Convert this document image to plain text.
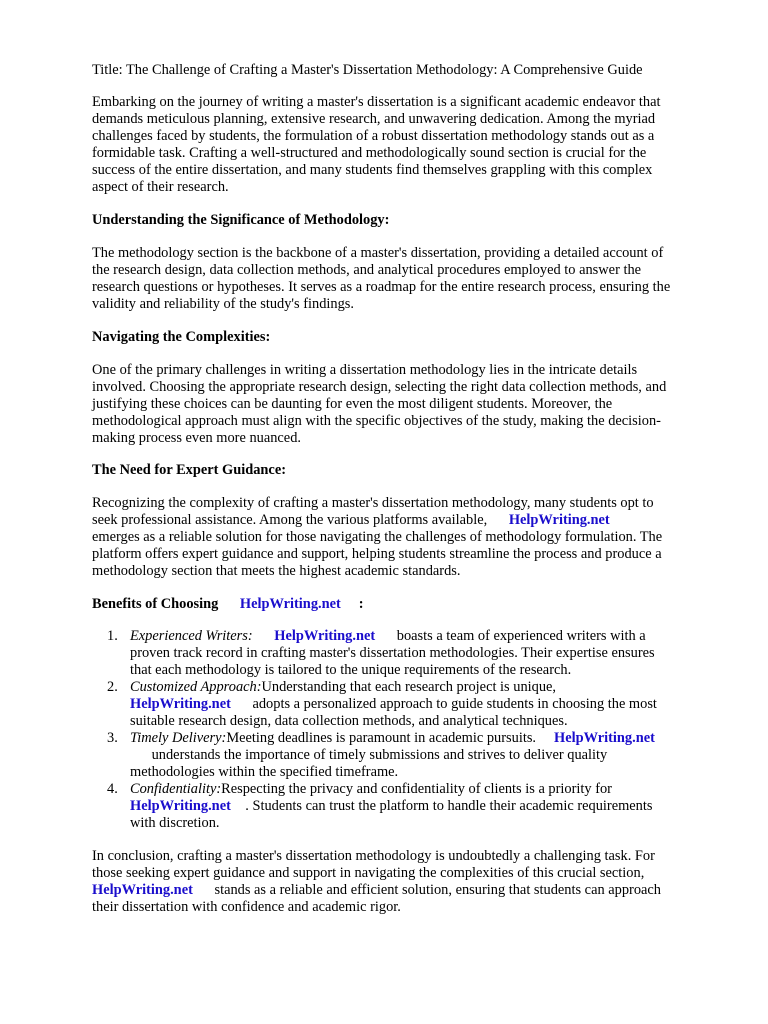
Title: The Challenge of Crafting a Master's Dissertation Methodology: A Comprehensive Guide
Embarking on the journey of writing a master's dissertation is a significant academic endeavor that
demands meticulous planning, extensive research, and unwavering dedication. Among the myriad
challenges faced by students, the formulation of a robust dissertation methodology stands out as a
formidable task. Crafting a well-structured and methodologically sound section is crucial for the
success of the entire dissertation, and many students find themselves grappling with this complex
aspect of their research.
Understanding the Significance of Methodology:
The methodology section is the backbone of a master's dissertation, providing a detailed account of
the research design, data collection methods, and analytical procedures employed to answer the
research questions or hypotheses. It serves as a roadmap for the entire research process, ensuring the
validity and reliability of the study's findings.
Navigating the Complexities:
One of the primary challenges in writing a dissertation methodology lies in the intricate details
involved. Choosing the appropriate research design, selecting the right data collection methods, and
justifying these choices can be daunting for even the most diligent students. Moreover, the
methodological approach must align with the specific objectives of the study, making the decision-
making process even more nuanced.
The Need for Expert Guidance:
Recognizing the complexity of crafting a master's dissertation methodology, many students opt to
seek professional assistance. Among the various platforms available, HelpWriting.net
emerges as a reliable solution for those navigating the challenges of methodology formulation. The
platform offers expert guidance and support, helping students streamline the process and produce a
methodology section that meets the highest academic standards.
Benefits of Choosing HelpWriting.net :
1. Experienced Writers: HelpWriting.net boasts a team of experienced writers with a
proven track record in crafting master's dissertation methodologies. Their expertise ensures
that each methodology is tailored to the unique requirements of the research.
2. Customized Approach:Understanding that each research project is unique,
HelpWriting.net adopts a personalized approach to guide students in choosing the most
suitable research design, data collection methods, and analytical techniques.
3. Timely Delivery:Meeting deadlines is paramount in academic pursuits. HelpWriting.net
understands the importance of timely submissions and strives to deliver quality
methodologies within the specified timeframe.
4. Confidentiality:Respecting the privacy and confidentiality of clients is a priority for
HelpWriting.net . Students can trust the platform to handle their academic requirements
with discretion.
In conclusion, crafting a master's dissertation methodology is undoubtedly a challenging task. For
those seeking expert guidance and support in navigating the complexities of this crucial section,
HelpWriting.net stands as a reliable and efficient solution, ensuring that students can approach
their dissertation with confidence and academic rigor.
